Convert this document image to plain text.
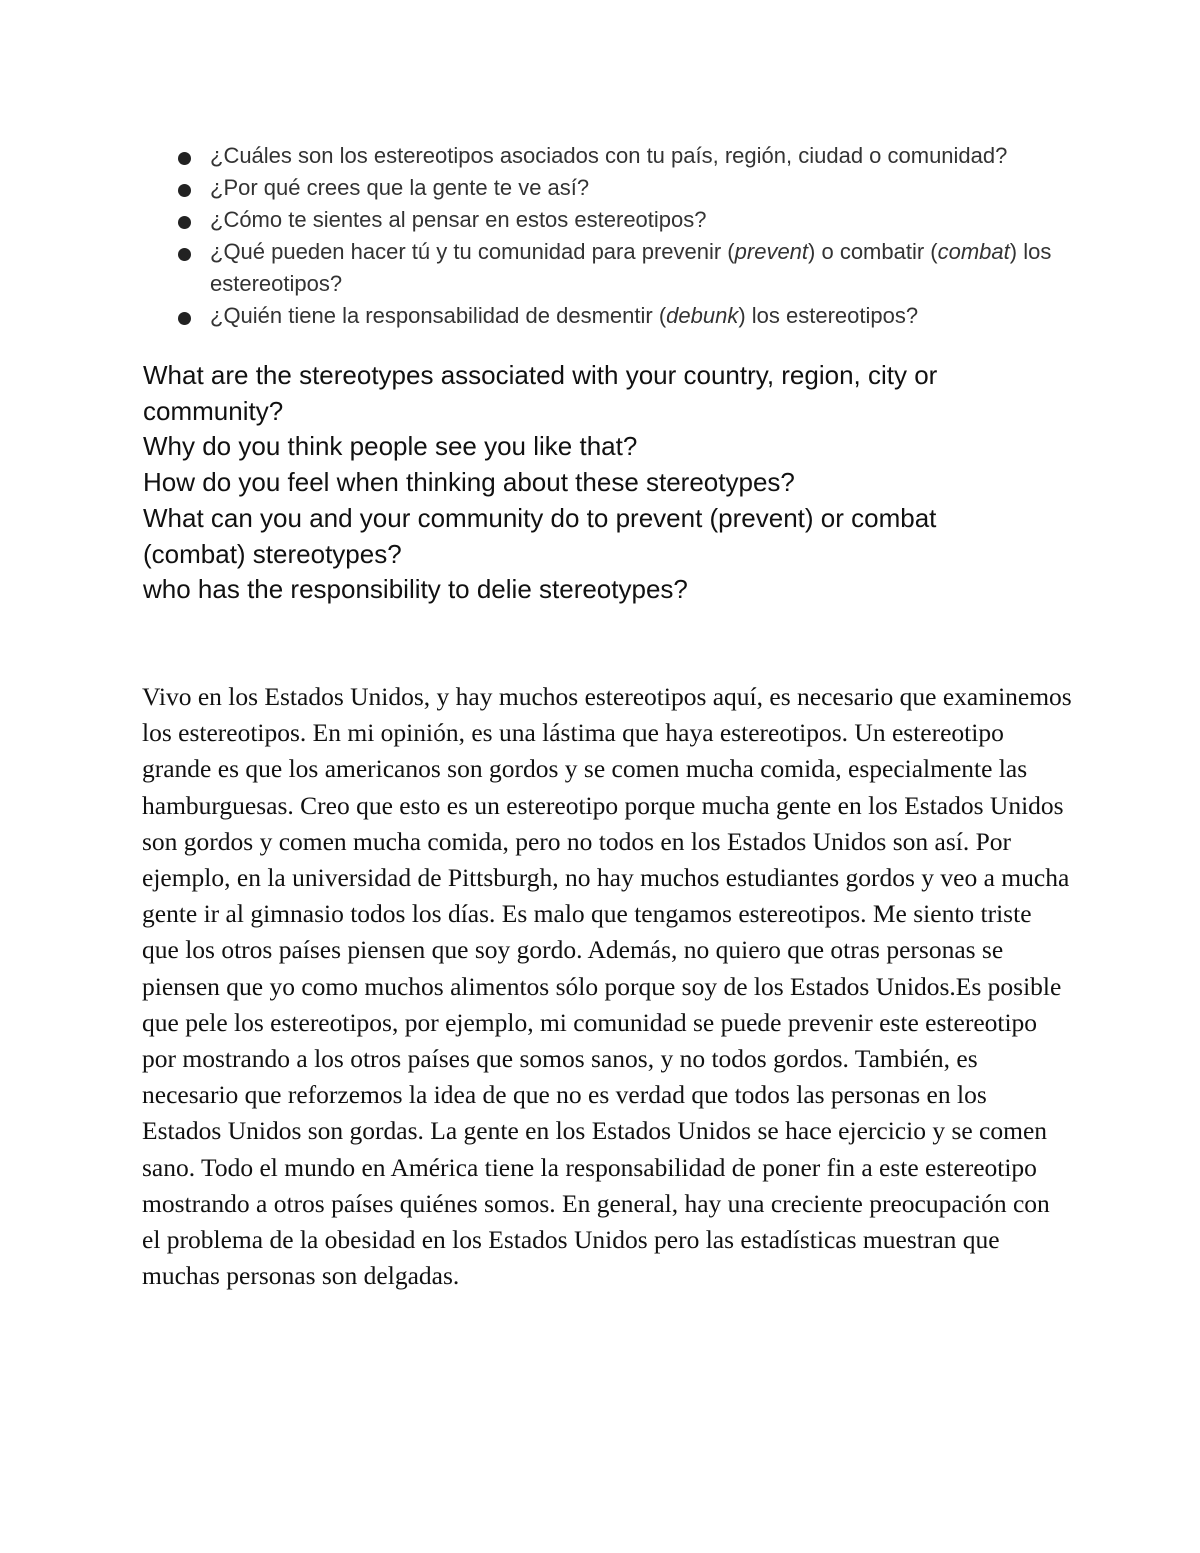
¿Cuáles son los estereotipos asociados con tu país, región, ciudad o comunidad?
¿Por qué crees que la gente te ve así?
¿Cómo te sientes al pensar en estos estereotipos?
¿Qué pueden hacer tú y tu comunidad para prevenir (prevent) o combatir (combat) los estereotipos?
¿Quién tiene la responsabilidad de desmentir (debunk) los estereotipos?
What are the stereotypes associated with your country, region, city or community?
Why do you think people see you like that?
How do you feel when thinking about these stereotypes?
What can you and your community do to prevent (prevent) or combat (combat) stereotypes?
who has the responsibility to delie stereotypes?

Vivo en los Estados Unidos, y hay muchos estereotipos aquí, es necesario que examinemos los estereotipos. En mi opinión, es una lástima que haya estereotipos. Un estereotipo grande es que los americanos son gordos y se comen mucha comida, especialmente las hamburguesas. Creo que esto es un estereotipo porque mucha gente en los Estados Unidos son gordos y comen mucha comida, pero no todos en los Estados Unidos son así. Por ejemplo, en la universidad de Pittsburgh, no hay muchos estudiantes gordos y veo a mucha gente ir al gimnasio todos los días. Es malo que tengamos estereotipos. Me siento triste que los otros países piensen que soy gordo. Además, no quiero que otras personas se piensen que yo como muchos alimentos sólo porque soy de los Estados Unidos.Es posible que pele los estereotipos, por ejemplo, mi comunidad se puede prevenir este estereotipo por mostrando a los otros países que somos sanos, y no todos gordos. También, es necesario que reforzemos la idea de que no es verdad que todos las personas en los Estados Unidos son gordas. La gente en los Estados Unidos se hace ejercicio y se comen sano. Todo el mundo en América tiene la responsabilidad de poner fin a este estereotipo mostrando a otros países quiénes somos. En general, hay una creciente preocupación con el problema de la obesidad en los Estados Unidos pero las estadísticas muestran que muchas personas son delgadas.
